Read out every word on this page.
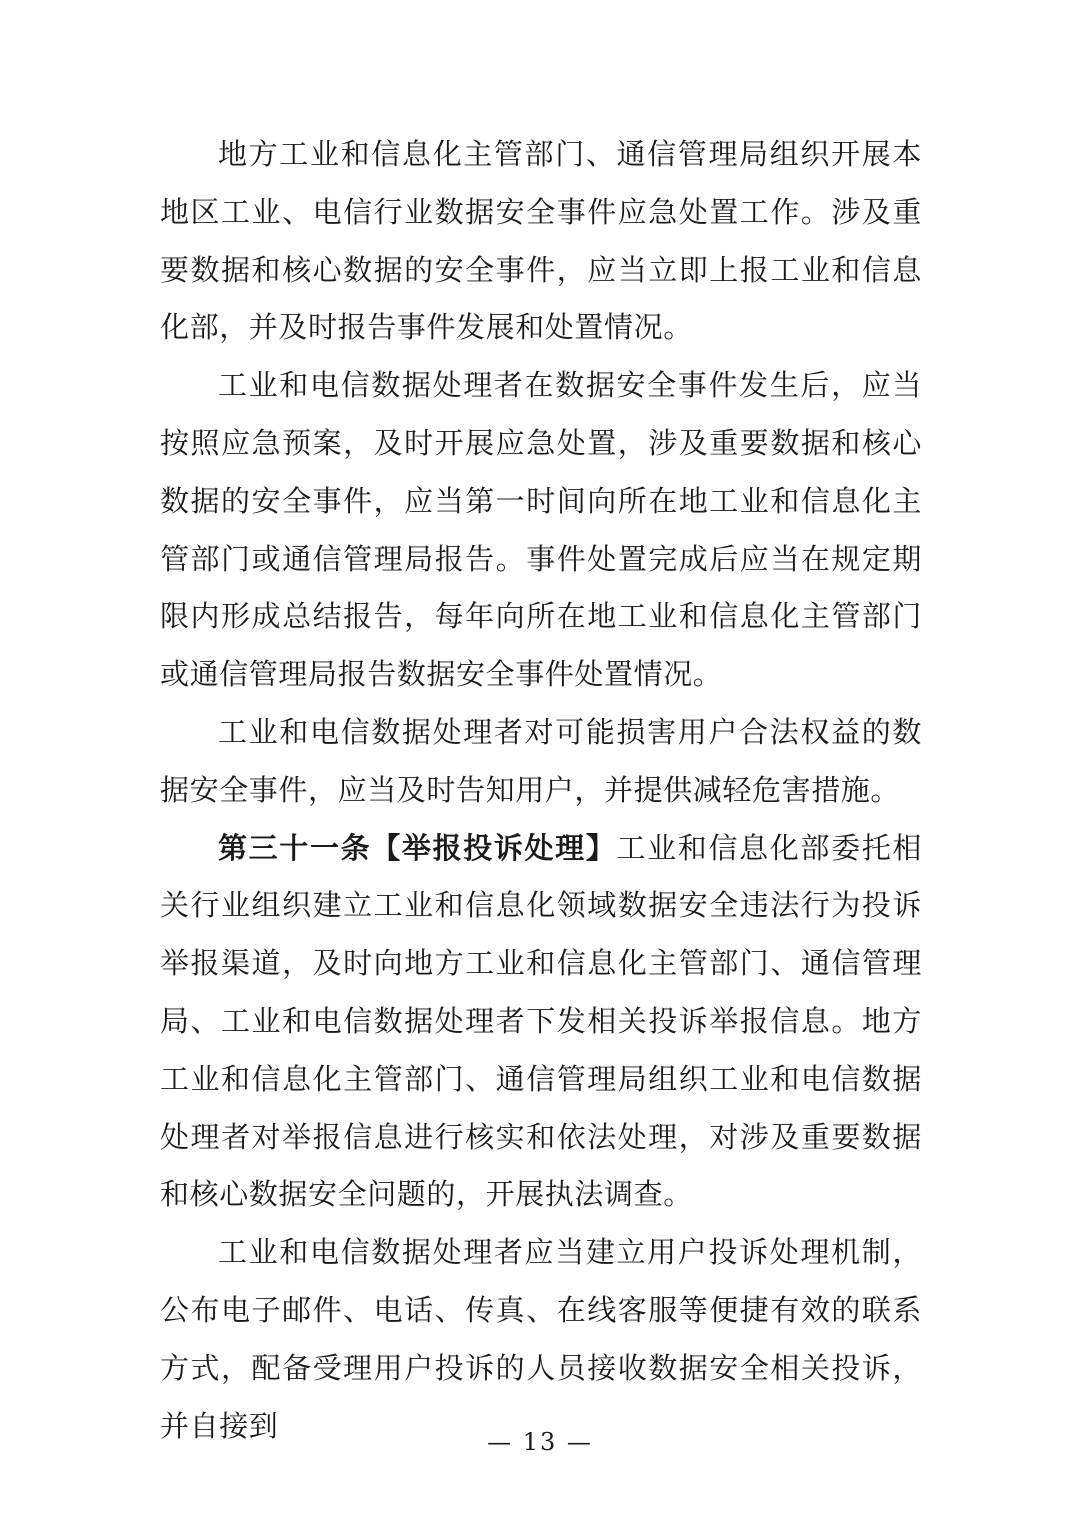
地方工业和信息化主管部门、通信管理局组织开展本地区工业、电信行业数据安全事件应急处置工作。涉及重要数据和核心数据的安全事件，应当立即上报工业和信息化部，并及时报告事件发展和处置情况。

工业和电信数据处理者在数据安全事件发生后，应当按照应急预案，及时开展应急处置，涉及重要数据和核心数据的安全事件，应当第一时间向所在地工业和信息化主管部门或通信管理局报告。事件处置完成后应当在规定期限内形成总结报告，每年向所在地工业和信息化主管部门或通信管理局报告数据安全事件处置情况。

工业和电信数据处理者对可能损害用户合法权益的数据安全事件，应当及时告知用户，并提供减轻危害措施。

第三十一条【举报投诉处理】工业和信息化部委托相关行业组织建立工业和信息化领域数据安全违法行为投诉举报渠道，及时向地方工业和信息化主管部门、通信管理局、工业和电信数据处理者下发相关投诉举报信息。地方工业和信息化主管部门、通信管理局组织工业和电信数据处理者对举报信息进行核实和依法处理，对涉及重要数据和核心数据安全问题的，开展执法调查。

工业和电信数据处理者应当建立用户投诉处理机制，公布电子邮件、电话、传真、在线客服等便捷有效的联系方式，配备受理用户投诉的人员接收数据安全相关投诉，并自接到	— 13 —
